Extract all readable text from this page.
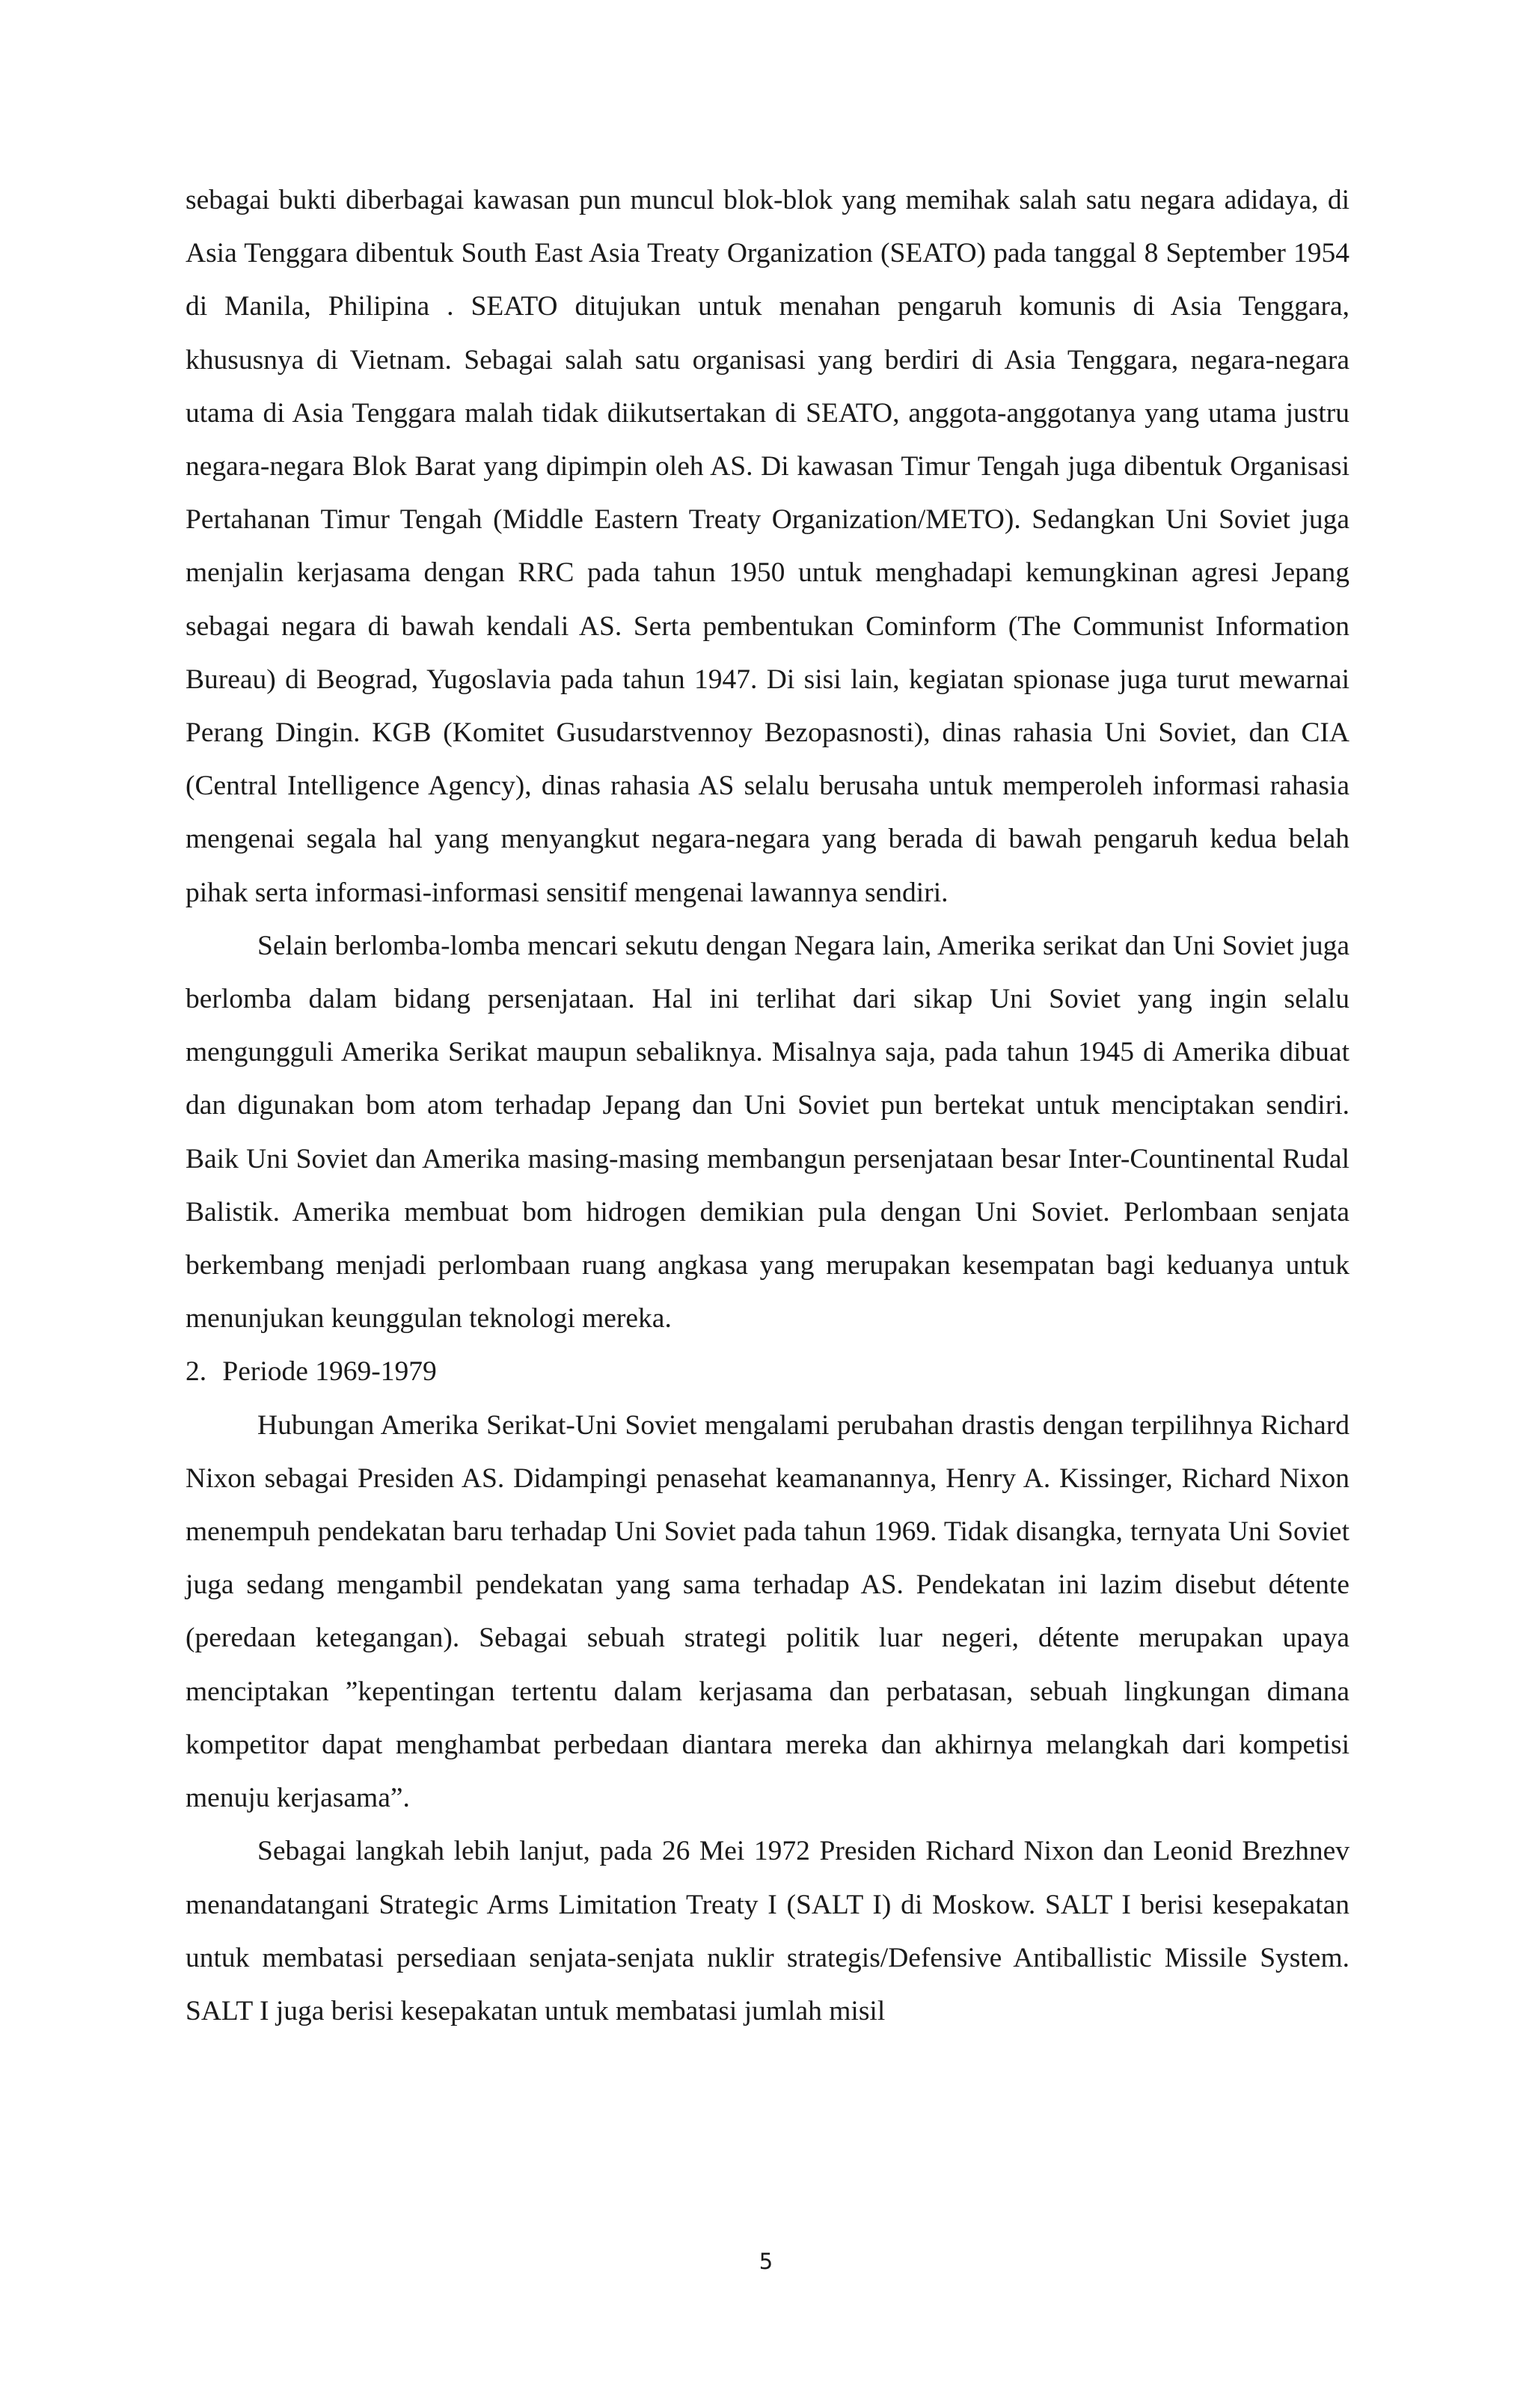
sebagai bukti diberbagai kawasan pun muncul blok-blok yang memihak salah satu negara adidaya, di Asia Tenggara dibentuk South East Asia Treaty Organization (SEATO) pada tanggal 8 September 1954 di Manila, Philipina . SEATO ditujukan untuk menahan pengaruh komunis di Asia Tenggara, khususnya di Vietnam. Sebagai salah satu organisasi yang berdiri di Asia Tenggara, negara-negara utama di Asia Tenggara malah tidak diikutsertakan di SEATO, anggota-anggotanya yang utama justru negara-negara Blok Barat yang dipimpin oleh AS. Di kawasan Timur Tengah juga dibentuk Organisasi Pertahanan Timur Tengah (Middle Eastern Treaty Organization/METO). Sedangkan Uni Soviet juga menjalin kerjasama dengan RRC pada tahun 1950 untuk menghadapi kemungkinan agresi Jepang sebagai negara di bawah kendali AS. Serta pembentukan Cominform (The Communist Information Bureau) di Beograd, Yugoslavia pada tahun 1947. Di sisi lain, kegiatan spionase juga turut mewarnai Perang Dingin. KGB (Komitet Gusudarstvennoy Bezopasnosti), dinas rahasia Uni Soviet, dan CIA (Central Intelligence Agency), dinas rahasia AS selalu berusaha untuk memperoleh informasi rahasia mengenai segala hal yang menyangkut negara-negara yang berada di bawah pengaruh kedua belah pihak serta informasi-informasi sensitif mengenai lawannya sendiri.

Selain berlomba-lomba mencari sekutu dengan Negara lain, Amerika serikat dan Uni Soviet juga berlomba dalam bidang persenjataan. Hal ini terlihat dari sikap Uni Soviet yang ingin selalu mengungguli Amerika Serikat maupun sebaliknya. Misalnya saja, pada tahun 1945 di Amerika dibuat dan digunakan bom atom terhadap Jepang dan Uni Soviet pun bertekat untuk menciptakan sendiri. Baik Uni Soviet dan Amerika masing-masing membangun persenjataan besar Inter-Countinental Rudal Balistik. Amerika membuat bom hidrogen demikian pula dengan Uni Soviet. Perlombaan senjata berkembang menjadi perlombaan ruang angkasa yang merupakan kesempatan bagi keduanya untuk menunjukan keunggulan teknologi mereka.

2. Periode 1969-1979

Hubungan Amerika Serikat-Uni Soviet mengalami perubahan drastis dengan terpilihnya Richard Nixon sebagai Presiden AS. Didampingi penasehat keamanannya, Henry A. Kissinger, Richard Nixon menempuh pendekatan baru terhadap Uni Soviet pada tahun 1969. Tidak disangka, ternyata Uni Soviet juga sedang mengambil pendekatan yang sama terhadap AS. Pendekatan ini lazim disebut détente (peredaan ketegangan). Sebagai sebuah strategi politik luar negeri, détente merupakan upaya menciptakan ”kepentingan tertentu dalam kerjasama dan perbatasan, sebuah lingkungan dimana kompetitor dapat menghambat perbedaan diantara mereka dan akhirnya melangkah dari kompetisi menuju kerjasama”.

Sebagai langkah lebih lanjut, pada 26 Mei 1972 Presiden Richard Nixon dan Leonid Brezhnev menandatangani Strategic Arms Limitation Treaty I (SALT I) di Moskow. SALT I berisi kesepakatan untuk membatasi persediaan senjata-senjata nuklir strategis/Defensive Antiballistic Missile System. SALT I juga berisi kesepakatan untuk membatasi jumlah misil

5
